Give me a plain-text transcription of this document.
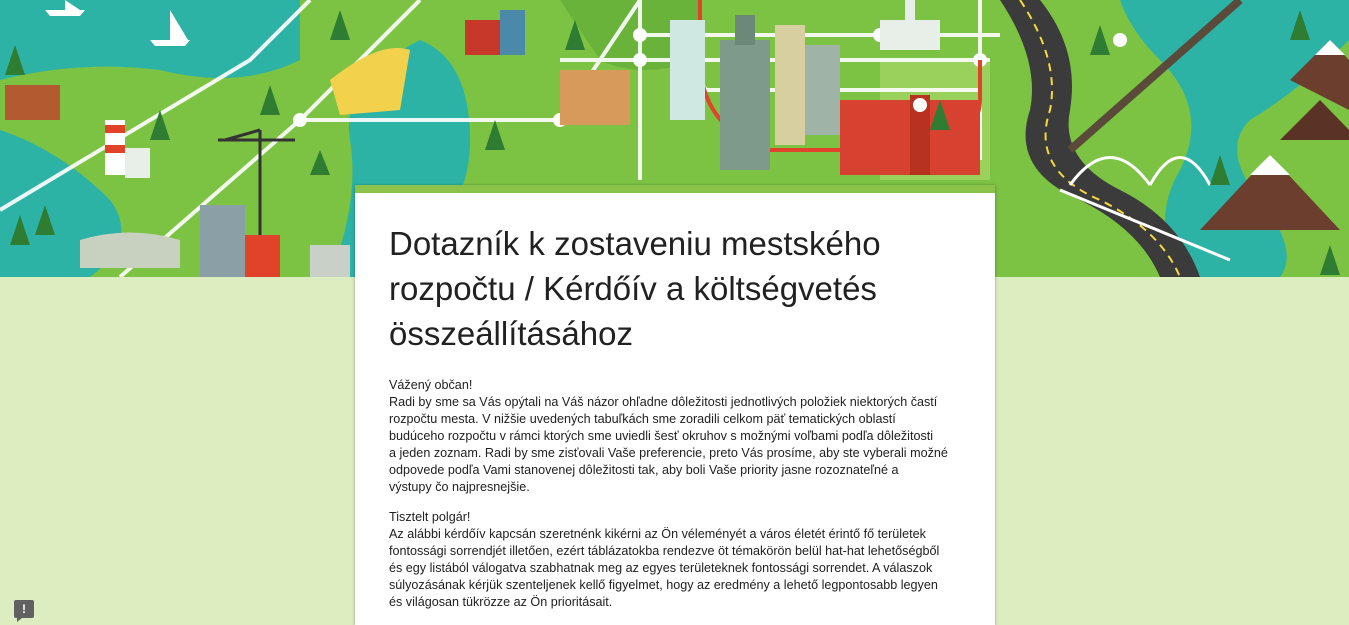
Dotazník k zostaveniu mestského
rozpočtu / Kérdőív a költségvetés
összeállításához
Vážený občan!
Radi by sme sa Vás opýtali na Váš názor ohľadne dôležitosti jednotlivých položiek niektorých častí
rozpočtu mesta. V nižšie uvedených tabuľkách sme zoradili celkom päť tematických oblastí
budúceho rozpočtu v rámci ktorých sme uviedli šesť okruhov s možnými voľbami podľa dôležitosti
a jeden zoznam. Radi by sme zisťovali Vaše preferencie, preto Vás prosíme, aby ste vyberali možné
odpovede podľa Vami stanovenej dôležitosti tak, aby boli Vaše priority jasne rozoznateľné a
výstupy čo najpresnejšie.
Tisztelt polgár!
Az alábbi kérdőív kapcsán szeretnénk kikérni az Ön véleményét a város életét érintő fő területek
fontossági sorrendjét illetően, ezért táblázatokba rendezve öt témakörön belül hat-hat lehetőségből
és egy listából válogatva szabhatnak meg az egyes területeknek fontossági sorrendet. A válaszok
súlyozásának kérjük szenteljenek kellő figyelmet, hogy az eredmény a lehető legpontosabb legyen
és világosan tükrözze az Ön prioritásait.
!
